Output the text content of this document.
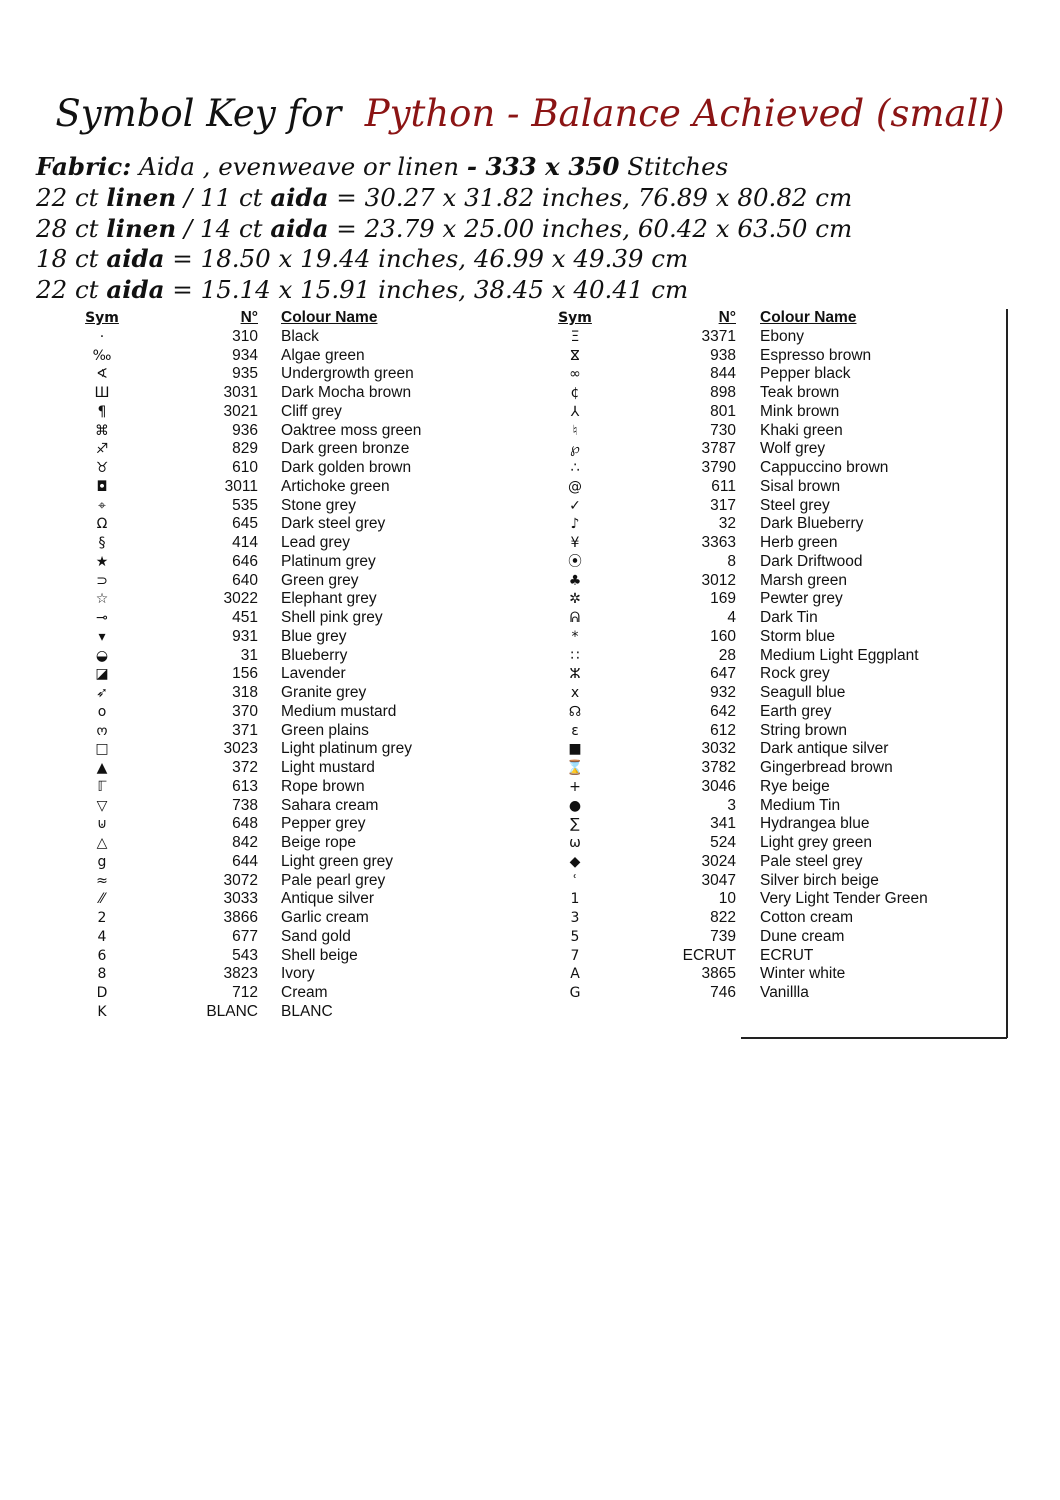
Symbol Key for Python - Balance Achieved (small)
Fabric: Aida , evenweave or linen - 333 x 350 Stitches
22 ct linen / 11 ct aida = 30.27 x 31.82 inches, 76.89 x 80.82 cm
28 ct linen / 14 ct aida = 23.79 x 25.00 inches, 60.42 x 63.50 cm
18 ct aida = 18.50 x 19.44 inches, 46.99 x 49.39 cm
22 ct aida = 15.14 x 15.91 inches, 38.45 x 40.41 cm
Sym	N° Colour Name
·	310 Black
‰	934 Algae green
∢	935 Undergrowth green
Ш	3031 Dark Mocha brown
¶	3021 Cliff grey
⌘	936 Oaktree moss green
♐	829 Dark green bronze
♉	610 Dark golden brown
◘	3011 Artichoke green
⌖	535 Stone grey
Ω	645 Dark steel grey
§	414 Lead grey
★	646 Platinum grey
⊃	640 Green grey
☆	3022 Elephant grey
⊸	451 Shell pink grey
▾	931 Blue grey
◒	31 Blueberry
◪	156 Lavender
➶	318 Granite grey
o	370 Medium mustard
ო	371 Green plains
□	3023 Light platinum grey
▲	372 Light mustard
ℾ	613 Rope brown
▽	738 Sahara cream
⊍	648 Pepper grey
△	842 Beige rope
g	644 Light green grey
≈	3072 Pale pearl grey
⁄⁄	3033 Antique silver
2	3866 Garlic cream
4	677 Sand gold
6	543 Shell beige
8	3823 Ivory
D	712 Cream
K	BLANC BLANC
Sym	N° Colour Name
Ξ	3371 Ebony
ⴵ	938 Espresso brown
∞	844 Pepper black
¢	898 Teak brown
⅄	801 Mink brown
♮	730 Khaki green
℘	3787 Wolf grey
∴	3790 Cappuccino brown
@	611 Sisal brown
✓	317 Steel grey
♪	32 Dark Blueberry
¥	3363 Herb green
⦿	8 Dark Driftwood
♣	3012 Marsh green
✲	169 Pewter grey
ᕱ	4 Dark Tin
*	160 Storm blue
∷	28 Medium Light Eggplant
ⵣ	647 Rock grey
x	932 Seagull blue
☊	642 Earth grey
ε	612 String brown
■	3032 Dark antique silver
⌛	3782 Gingerbread brown
+	3046 Rye beige
●	3 Medium Tin
∑	341 Hydrangea blue
ω	524 Light grey green
◆	3024 Pale steel grey
ʿ	3047 Silver birch beige
1	10 Very Light Tender Green
3	822 Cotton cream
5	739 Dune cream
7	ECRUT ECRUT
A	3865 Winter white
G	746 Vanillla
